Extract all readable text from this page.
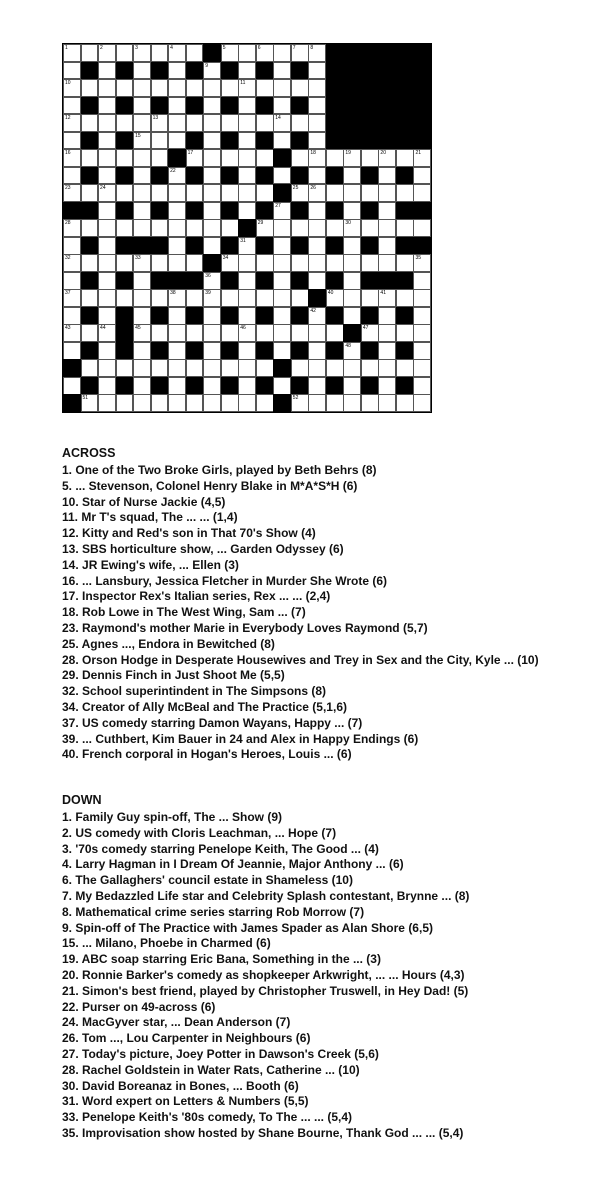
1	2	3	4	5	6	7	8
9
10	11
12	13	14
15
16	17	18	19	20	21
22
23	24	25 26
27
28	29	30
31
32	33	34	35
36
37	38	39	40	41
42
43	44	45	46	47
48
51	52
ACROSS
1. One of the Two Broke Girls, played by Beth Behrs (8)
5. ... Stevenson, Colonel Henry Blake in M*A*S*H (6)
10. Star of Nurse Jackie (4,5)
11. Mr T's squad, The ... ... (1,4)
12. Kitty and Red's son in That 70's Show (4)
13. SBS horticulture show, ... Garden Odyssey (6)
14. JR Ewing's wife, ... Ellen (3)
16. ... Lansbury, Jessica Fletcher in Murder She Wrote (6)
17. Inspector Rex's Italian series, Rex ... ... (2,4)
18. Rob Lowe in The West Wing, Sam ... (7)
23. Raymond's mother Marie in Everybody Loves Raymond (5,7)
25. Agnes ..., Endora in Bewitched (8)
28. Orson Hodge in Desperate Housewives and Trey in Sex and the City, Kyle ... (10)
29. Dennis Finch in Just Shoot Me (5,5)
32. School superintindent in The Simpsons (8)
34. Creator of Ally McBeal and The Practice (5,1,6)
37. US comedy starring Damon Wayans, Happy ... (7)
39. ... Cuthbert, Kim Bauer in 24 and Alex in Happy Endings (6)
40. French corporal in Hogan's Heroes, Louis ... (6)
DOWN
1. Family Guy spin-off, The ... Show (9)
2. US comedy with Cloris Leachman, ... Hope (7)
3. '70s comedy starring Penelope Keith, The Good ... (4)
4. Larry Hagman in I Dream Of Jeannie, Major Anthony ... (6)
6. The Gallaghers' council estate in Shameless (10)
7. My Bedazzled Life star and Celebrity Splash contestant, Brynne ... (8)
8. Mathematical crime series starring Rob Morrow (7)
9. Spin-off of The Practice with James Spader as Alan Shore (6,5)
15. ... Milano, Phoebe in Charmed (6)
19. ABC soap starring Eric Bana, Something in the ... (3)
20. Ronnie Barker's comedy as shopkeeper Arkwright, ... ... Hours (4,3)
21. Simon's best friend, played by Christopher Truswell, in Hey Dad! (5)
22. Purser on 49-across (6)
24. MacGyver star, ... Dean Anderson (7)
26. Tom ..., Lou Carpenter in Neighbours (6)
27. Today's picture, Joey Potter in Dawson's Creek (5,6)
28. Rachel Goldstein in Water Rats, Catherine ... (10)
30. David Boreanaz in Bones, ... Booth (6)
31. Word expert on Letters & Numbers (5,5)
33. Penelope Keith's '80s comedy, To The ... ... (5,4)
35. Improvisation show hosted by Shane Bourne, Thank God ... ... (5,4)
